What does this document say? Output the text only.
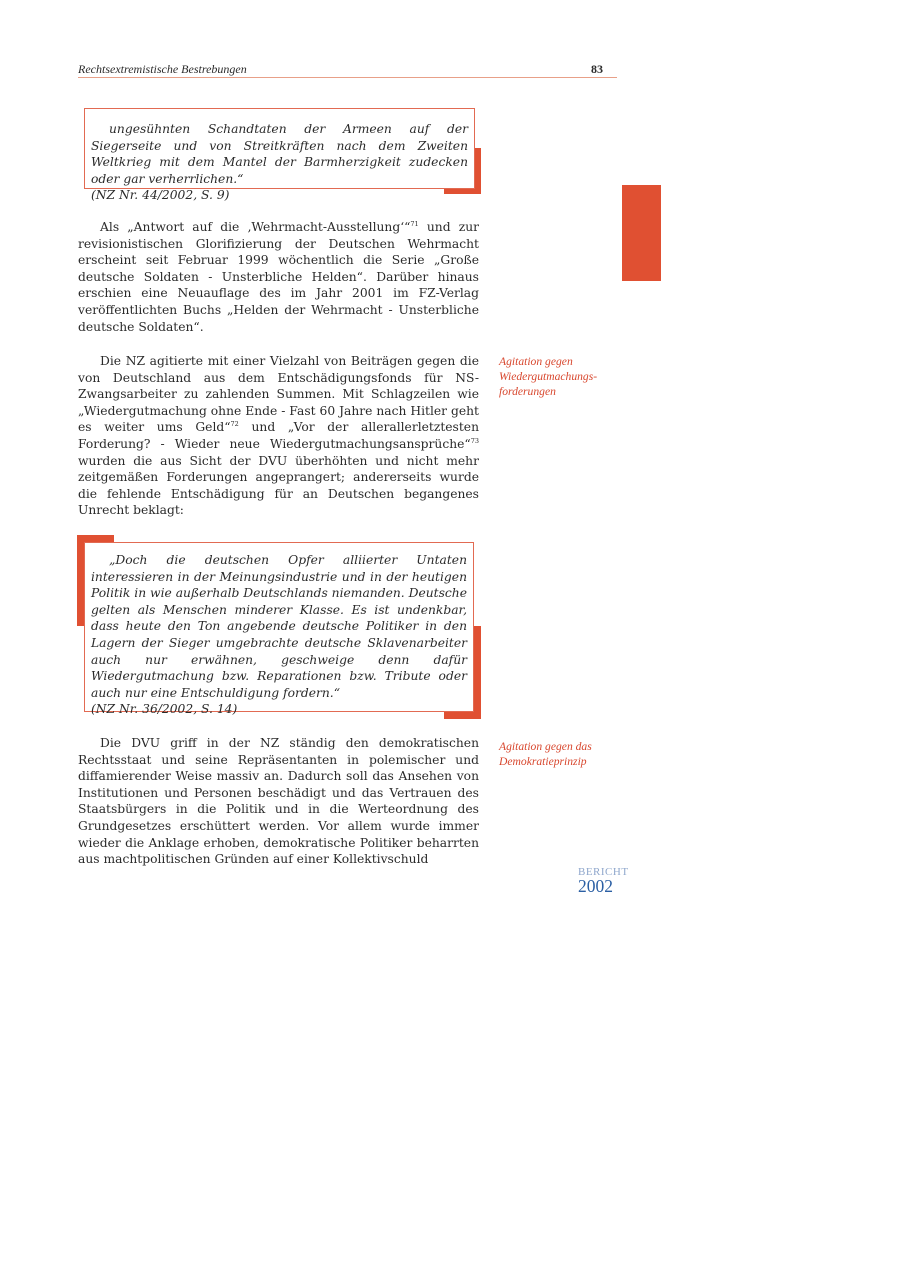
Rechtsextremistische Bestrebungen	83

ungesühnten Schandtaten der Armeen auf der Siegerseite und von Streitkräften nach dem Zweiten Weltkrieg mit dem Mantel der Barmherzigkeit zudecken oder gar verherrlichen.“

(NZ Nr. 44/2002, S. 9)

Als „Antwort auf die ‚Wehrmacht-Ausstellung‘“$^{71}$ und zur revisionistischen Glorifizierung der Deutschen Wehrmacht erscheint seit Februar 1999 wöchentlich die Serie „Große deutsche Soldaten - Unsterbliche Helden“. Darüber hinaus erschien eine Neuauflage des im Jahr 2001 im FZ-Verlag veröffentlichten Buchs „Helden der Wehrmacht - Unsterbliche deutsche Soldaten“.

Die NZ agitierte mit einer Vielzahl von Beiträgen gegen die von Deutschland aus dem Entschädigungsfonds für NS-Zwangsarbeiter zu zahlenden Summen. Mit Schlagzeilen wie „Wiedergutmachung ohne Ende - Fast 60 Jahre nach Hitler geht es weiter ums Geld“$^{72}$ und „Vor der allerallerletztesten Forderung? - Wieder neue Wiedergutmachungsansprüche“$^{73}$ wurden die aus Sicht der DVU überhöhten und nicht mehr zeitgemäßen Forderungen angeprangert; andererseits wurde die fehlende Entschädigung für an Deutschen begangenes Unrecht beklagt:

Agitation gegen
Wiedergutmachungs-
forderungen

„Doch die deutschen Opfer alliierter Untaten interessieren in der Meinungsindustrie und in der heutigen Politik in wie außerhalb Deutschlands niemanden. Deutsche gelten als Menschen minderer Klasse. Es ist undenkbar, dass heute den Ton angebende deutsche Politiker in den Lagern der Sieger umgebrachte deutsche Sklavenarbeiter auch nur erwähnen, geschweige denn dafür Wiedergutmachung bzw. Reparationen bzw. Tribute oder auch nur eine Entschuldigung fordern.“

(NZ Nr. 36/2002, S. 14)

Die DVU griff in der NZ ständig den demokratischen Rechtsstaat und seine Repräsentanten in polemischer und diffamierender Weise massiv an. Dadurch soll das Ansehen von Institutionen und Personen beschädigt und das Vertrauen des Staatsbürgers in die Politik und in die Werteordnung des Grundgesetzes erschüttert werden. Vor allem wurde immer wieder die Anklage erhoben, demokratische Politiker beharrten aus machtpolitischen Gründen auf einer Kollektivschuld

Agitation gegen das
Demokratieprinzip
BERICHT
2002
